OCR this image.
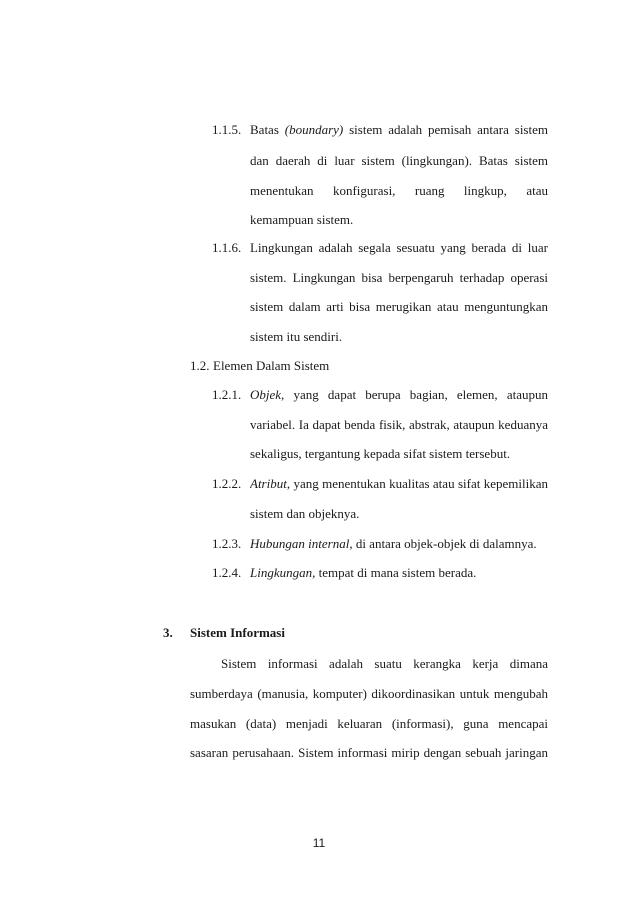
1.1.5. Batas (boundary) sistem adalah pemisah antara sistem
dan daerah di luar sistem (lingkungan). Batas sistem
menentukan konfigurasi, ruang lingkup, atau
kemampuan sistem.
1.1.6. Lingkungan adalah segala sesuatu yang berada di luar
sistem. Lingkungan bisa berpengaruh terhadap operasi
sistem dalam arti bisa merugikan atau menguntungkan
sistem itu sendiri.
1.2. Elemen Dalam Sistem
1.2.1. Objek, yang dapat berupa bagian, elemen, ataupun
variabel. Ia dapat benda fisik, abstrak, ataupun keduanya
sekaligus, tergantung kepada sifat sistem tersebut.
1.2.2. Atribut, yang menentukan kualitas atau sifat kepemilikan
sistem dan objeknya.
1.2.3. Hubungan internal, di antara objek-objek di dalamnya.
1.2.4. Lingkungan, tempat di mana sistem berada.
3. Sistem Informasi
Sistem informasi adalah suatu kerangka kerja dimana
sumberdaya (manusia, komputer) dikoordinasikan untuk mengubah
masukan (data) menjadi keluaran (informasi), guna mencapai
sasaran perusahaan. Sistem informasi mirip dengan sebuah jaringan
11
